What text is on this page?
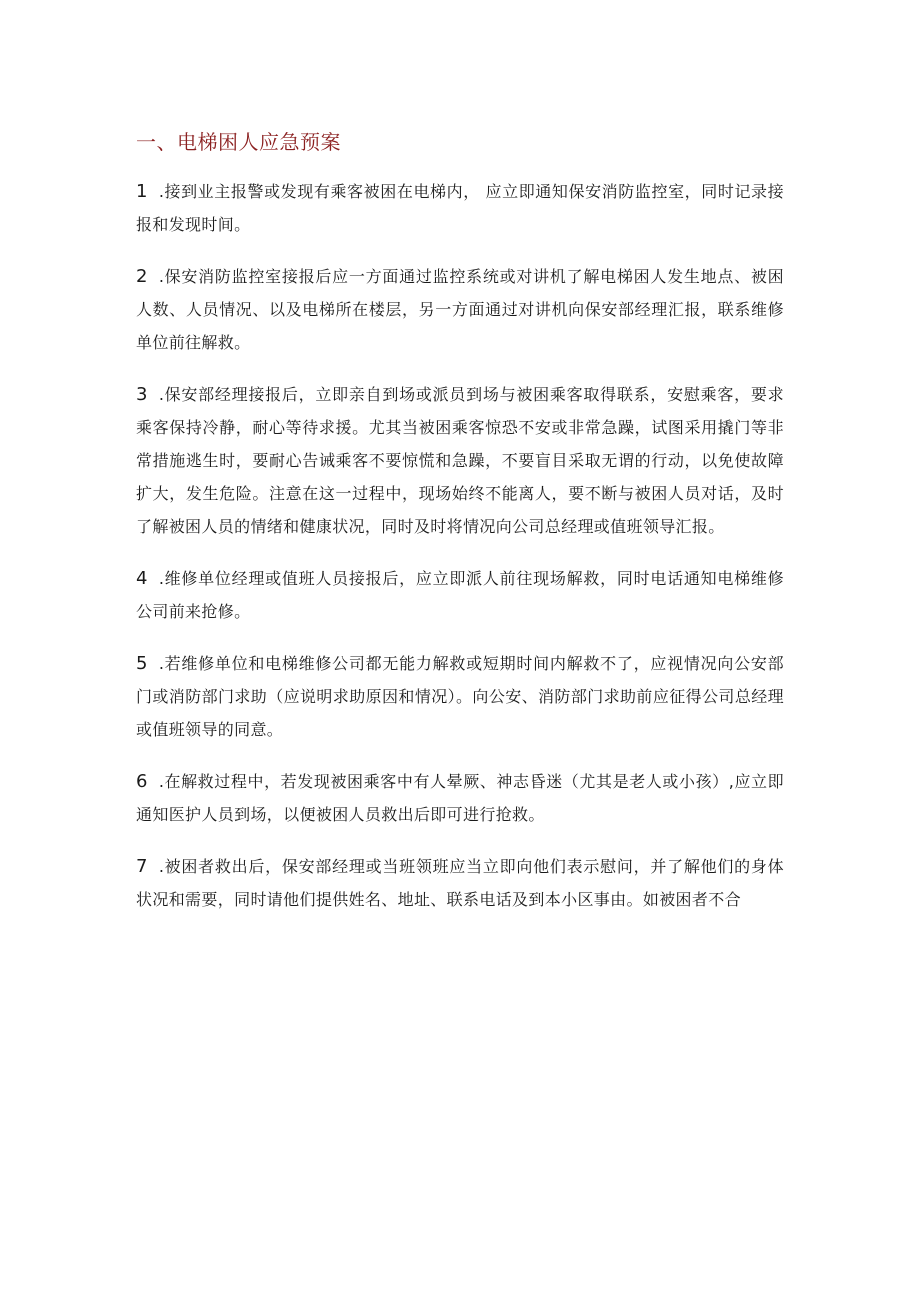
一、电梯困人应急预案

1 .接到业主报警或发现有乘客被困在电梯内， 应立即通知保安消防监控室，同时记录接报和发现时间。

2 .保安消防监控室接报后应一方面通过监控系统或对讲机了解电梯困人发生地点、被困人数、人员情况、以及电梯所在楼层，另一方面通过对讲机向保安部经理汇报，联系维修单位前往解救。

3 .保安部经理接报后，立即亲自到场或派员到场与被困乘客取得联系，安慰乘客，要求乘客保持冷静，耐心等待求援。尤其当被困乘客惊恐不安或非常急躁，试图采用撬门等非常措施逃生时，要耐心告诫乘客不要惊慌和急躁，不要盲目采取无谓的行动，以免使故障扩大，发生危险。注意在这一过程中，现场始终不能离人，要不断与被困人员对话，及时了解被困人员的情绪和健康状况，同时及时将情况向公司总经理或值班领导汇报。

4 .维修单位经理或值班人员接报后，应立即派人前往现场解救，同时电话通知电梯维修公司前来抢修。

5 .若维修单位和电梯维修公司都无能力解救或短期时间内解救不了，应视情况向公安部门或消防部门求助（应说明求助原因和情况）。向公安、消防部门求助前应征得公司总经理或值班领导的同意。

6 .在解救过程中，若发现被困乘客中有人晕厥、神志昏迷（尤其是老人或小孩）,应立即通知医护人员到场，以便被困人员救出后即可进行抢救。

7 .被困者救出后，保安部经理或当班领班应当立即向他们表示慰问，并了解他们的身体状况和需要，同时请他们提供姓名、地址、联系电话及到本小区事由。如被困者不合
